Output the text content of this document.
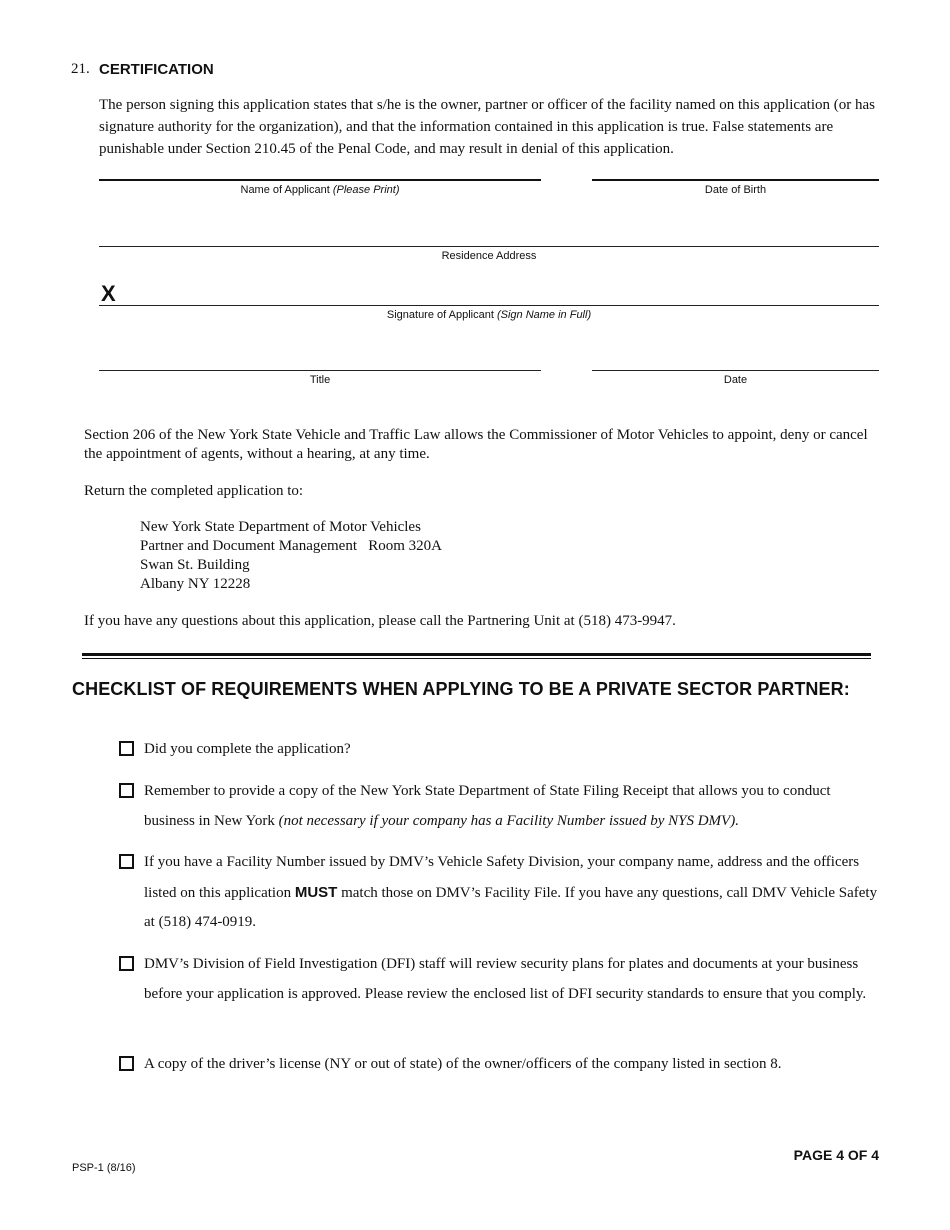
21. CERTIFICATION
The person signing this application states that s/he is the owner, partner or officer of the facility named on this application (or has signature authority for the organization), and that the information contained in this application is true. False statements are punishable under Section 210.45 of the Penal Code, and may result in denial of this application.
Name of Applicant (Please Print)	Date of Birth
Residence Address
X
Signature of Applicant (Sign Name in Full)
Title	Date
Section 206 of the New York State Vehicle and Traffic Law allows the Commissioner of Motor Vehicles to appoint, deny or cancel the appointment of agents, without a hearing, at any time.
Return the completed application to:
New York State Department of Motor Vehicles
Partner and Document Management   Room 320A
Swan St. Building
Albany NY 12228
If you have any questions about this application, please call the Partnering Unit at (518) 473-9947.
CHECKLIST OF REQUIREMENTS WHEN APPLYING TO BE A PRIVATE SECTOR PARTNER:
Did you complete the application?
Remember to provide a copy of the New York State Department of State Filing Receipt that allows you to conduct business in New York (not necessary if your company has a Facility Number issued by NYS DMV).
If you have a Facility Number issued by DMV’s Vehicle Safety Division, your company name, address and the officers listed on this application MUST match those on DMV’s Facility File. If you have any questions, call DMV Vehicle Safety at (518) 474-0919.
DMV’s Division of Field Investigation (DFI) staff will review security plans for plates and documents at your business before your application is approved. Please review the enclosed list of DFI security standards to ensure that you comply.
A copy of the driver’s license (NY or out of state) of the owner/officers of the company listed in section 8.
PSP-1 (8/16)
PAGE 4 OF 4
